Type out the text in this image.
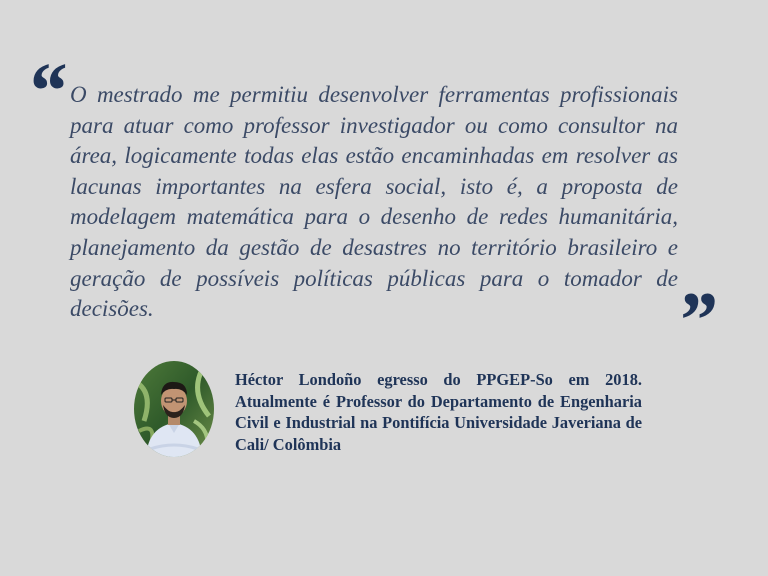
“ O mestrado me permitiu desenvolver ferramentas profissionais para atuar como professor investigador ou como consultor na área, logicamente todas elas estão encaminhadas em resolver as lacunas importantes na esfera social, isto é, a proposta de modelagem matemática para o desenho de redes humanitária, planejamento da gestão de desastres no território brasileiro e geração de possíveis políticas públicas para o tomador de decisões.	”

Héctor Londoño egresso do PPGEP-So em 2018. Atualmente é Professor do Departamento de Engenharia Civil e Industrial na Pontifícia Universidade Javeriana de Cali/ Colômbia
